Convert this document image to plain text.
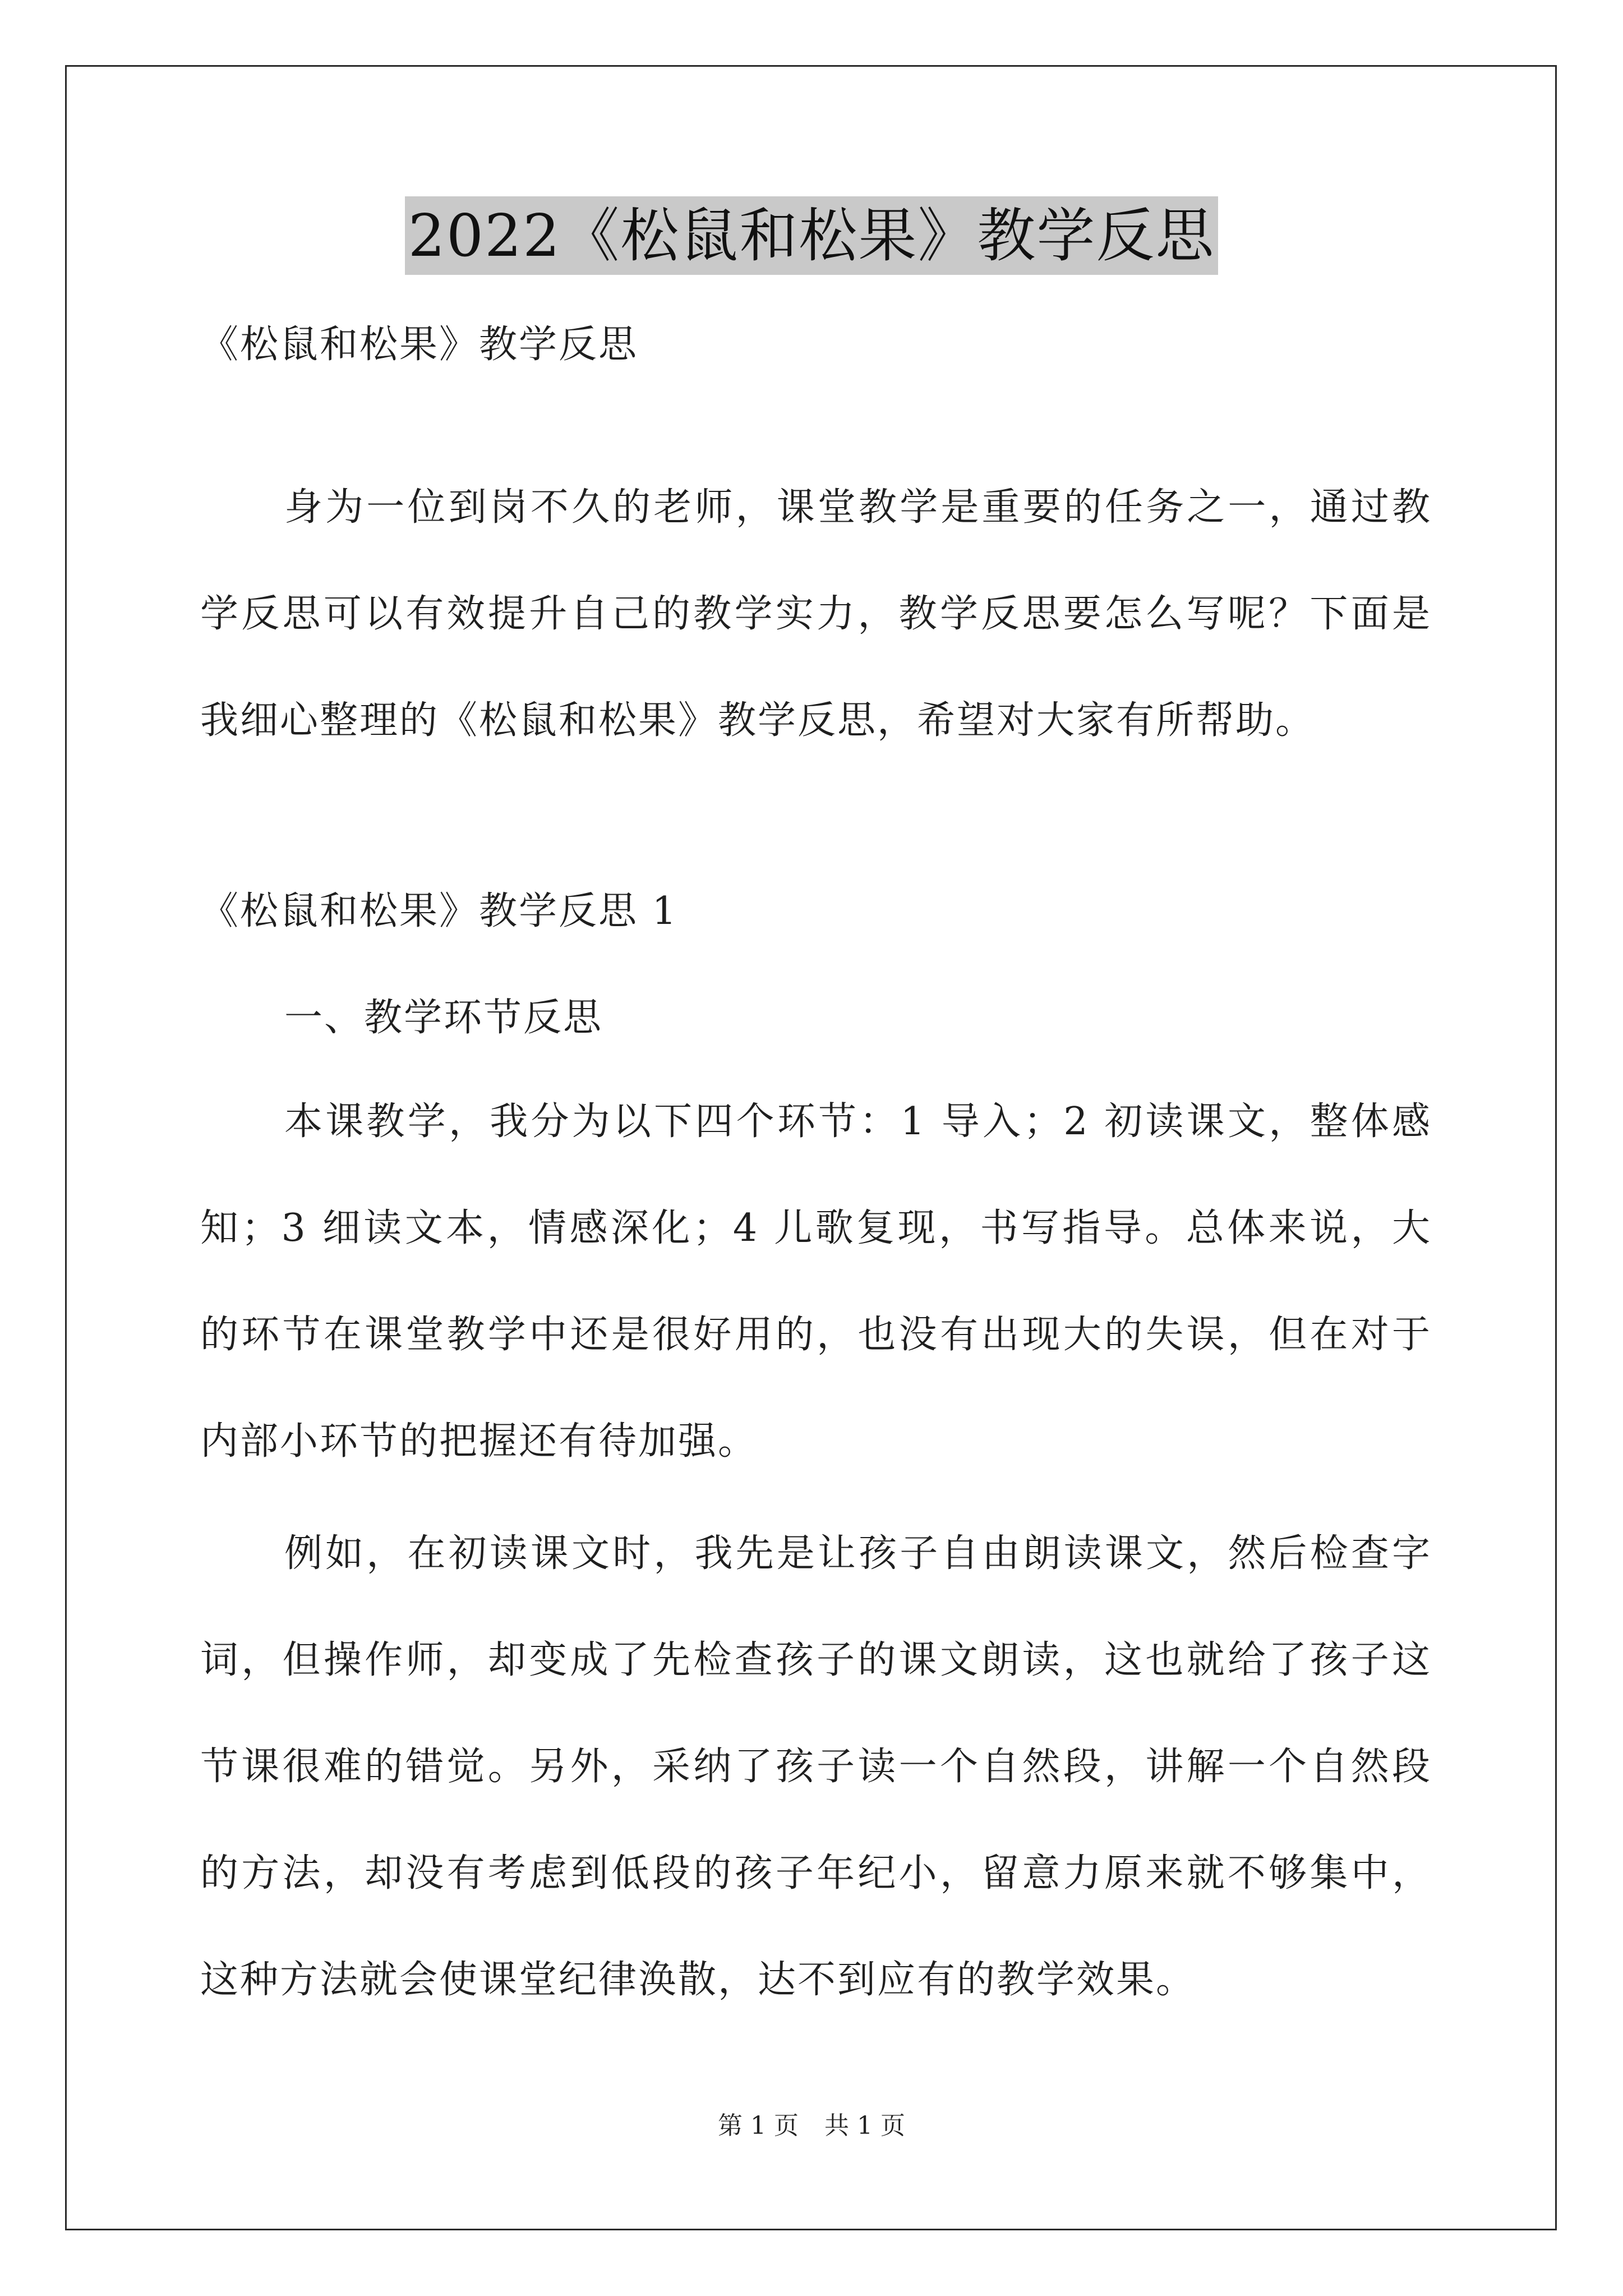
2022《松鼠和松果》教学反思
《松鼠和松果》教学反思

身为一位到岗不久的老师，课堂教学是重要的任务之一，通过教学反思可以有效提升自己的教学实力，教学反思要怎么写呢？下面是我细心整理的《松鼠和松果》教学反思，希望对大家有所帮助。

《松鼠和松果》教学反思 1
一、教学环节反思

本课教学，我分为以下四个环节：1 导入；2 初读课文，整体感知；3 细读文本，情感深化；4 儿歌复现，书写指导。总体来说，大的环节在课堂教学中还是很好用的，也没有出现大的失误，但在对于内部小环节的把握还有待加强。

例如，在初读课文时，我先是让孩子自由朗读课文，然后检查字词，但操作师，却变成了先检查孩子的课文朗读，这也就给了孩子这节课很难的错觉。另外，采纳了孩子读一个自然段，讲解一个自然段的方法，却没有考虑到低段的孩子年纪小，留意力原来就不够集中，这种方法就会使课堂纪律涣散，达不到应有的教学效果。

第 1 页 共 1 页
